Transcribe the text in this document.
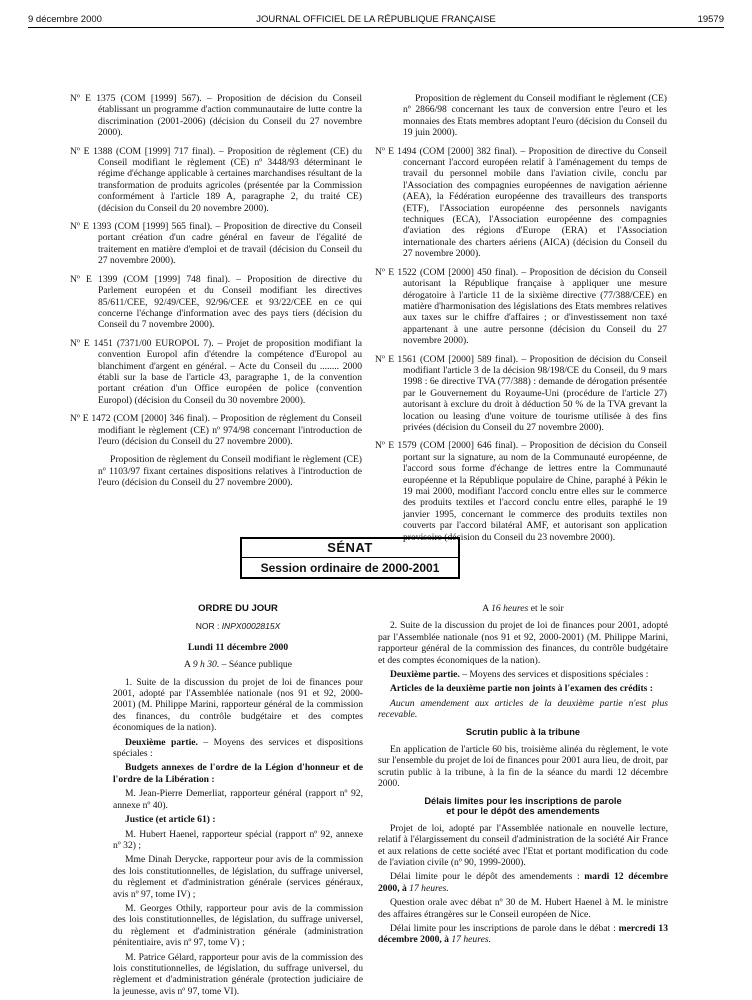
9 décembre 2000	JOURNAL OFFICIEL DE LA RÉPUBLIQUE FRANÇAISE	19579
Nº E 1375 (COM [1999] 567). – Proposition de décision du Conseil établissant un programme d'action communautaire de lutte contre la discrimination (2001-2006) (décision du Conseil du 27 novembre 2000).
Nº E 1388 (COM [1999] 717 final). – Proposition de règlement (CE) du Conseil modifiant le règlement (CE) nº 3448/93 déterminant le régime d'échange applicable à certaines marchandises résultant de la transformation de produits agricoles (présentée par la Commission conformément à l'article 189 A, paragraphe 2, du traité CE) (décision du Conseil du 20 novembre 2000).
Nº E 1393 (COM [1999] 565 final). – Proposition de directive du Conseil portant création d'un cadre général en faveur de l'égalité de traitement en matière d'emploi et de travail (décision du Conseil du 27 novembre 2000).
Nº E 1399 (COM [1999] 748 final). – Proposition de directive du Parlement européen et du Conseil modifiant les directives 85/611/CEE, 92/49/CEE, 92/96/CEE et 93/22/CEE en ce qui concerne l'échange d'information avec des pays tiers (décision du Conseil du 7 novembre 2000).
Nº E 1451 (7371/00 EUROPOL 7). – Projet de proposition modifiant la convention Europol afin d'étendre la compétence d'Europol au blanchiment d'argent en général. – Acte du Conseil du ........ 2000 établi sur la base de l'article 43, paragraphe 1, de la convention portant création d'un Office européen de police (convention Europol) (décision du Conseil du 30 novembre 2000).
Nº E 1472 (COM [2000] 346 final). – Proposition de règlement du Conseil modifiant le règlement (CE) nº 974/98 concernant l'introduction de l'euro (décision du Conseil du 27 novembre 2000).
Proposition de règlement du Conseil modifiant le règlement (CE) nº 1103/97 fixant certaines dispositions relatives à l'introduction de l'euro (décision du Conseil du 27 novembre 2000).
Proposition de règlement du Conseil modifiant le règlement (CE) nº 2866/98 concernant les taux de conversion entre l'euro et les monnaies des Etats membres adoptant l'euro (décision du Conseil du 19 juin 2000).
Nº E 1494 (COM [2000] 382 final). – Proposition de directive du Conseil concernant l'accord européen relatif à l'aménagement du temps de travail du personnel mobile dans l'aviation civile, conclu par l'Association des compagnies européennes de navigation aérienne (AEA), la Fédération européenne des travailleurs des transports (ETF), l'Association européenne des personnels navigants techniques (ECA), l'Association européenne des compagnies d'aviation des régions d'Europe (ERA) et l'Association internationale des charters aériens (AICA) (décision du Conseil du 27 novembre 2000).
Nº E 1522 (COM [2000] 450 final). – Proposition de décision du Conseil autorisant la République française à appliquer une mesure dérogatoire à l'article 11 de la sixième directive (77/388/CEE) en matière d'harmonisation des législations des Etats membres relatives aux taxes sur le chiffre d'affaires ; or d'investissement non taxé appartenant à une autre personne (décision du Conseil du 27 novembre 2000).
Nº E 1561 (COM [2000] 589 final). – Proposition de décision du Conseil modifiant l'article 3 de la décision 98/198/CE du Conseil, du 9 mars 1998 : 6e directive TVA (77/388) : demande de dérogation présentée par le Gouvernement du Royaume-Uni (procédure de l'article 27) autorisant à exclure du droit à déduction 50 % de la TVA grevant la location ou leasing d'une voiture de tourisme utilisée à des fins privées (décision du Conseil du 27 novembre 2000).
Nº E 1579 (COM [2000] 646 final). – Proposition de décision du Conseil portant sur la signature, au nom de la Communauté européenne, de l'accord sous forme d'échange de lettres entre la Communauté européenne et la République populaire de Chine, paraphé à Pékin le 19 mai 2000, modifiant l'accord conclu entre elles sur le commerce des produits textiles et l'accord conclu entre elles, paraphé le 19 janvier 1995, concernant le commerce des produits textiles non couverts par l'accord bilatéral AMF, et autorisant son application provisoire (décision du Conseil du 23 novembre 2000).
SÉNAT
Session ordinaire de 2000-2001
ORDRE DU JOUR
NOR : INPX0002815X
Lundi 11 décembre 2000
A 9 h 30. – Séance publique

1. Suite de la discussion du projet de loi de finances pour 2001, adopté par l'Assemblée nationale (nos 91 et 92, 2000-2001) (M. Philippe Marini, rapporteur général de la commission des finances, du contrôle budgétaire et des comptes économiques de la nation).

Deuxième partie. – Moyens des services et dispositions spéciales :

Budgets annexes de l'ordre de la Légion d'honneur et de l'ordre de la Libération :

M. Jean-Pierre Demerliat, rapporteur général (rapport nº 92, annexe nº 40).

Justice (et article 61) :

M. Hubert Haenel, rapporteur spécial (rapport nº 92, annexe nº 32) ;

Mme Dinah Derycke, rapporteur pour avis de la commission des lois constitutionnelles, de législation, du suffrage universel, du règlement et d'administration générale (services généraux, avis nº 97, tome IV) ;

M. Georges Othily, rapporteur pour avis de la commission des lois constitutionnelles, de législation, du suffrage universel, du règlement et d'administration générale (administration pénitentiaire, avis nº 97, tome V) ;

M. Patrice Gélard, rapporteur pour avis de la commission des lois constitutionnelles, de législation, du suffrage universel, du règlement et d'administration générale (protection judiciaire de la jeunesse, avis nº 97, tome VI).

A 16 heures et le soir

2. Suite de la discussion du projet de loi de finances pour 2001, adopté par l'Assemblée nationale (nos 91 et 92, 2000-2001) (M. Philippe Marini, rapporteur général de la commission des finances, du contrôle budgétaire et des comptes économiques de la nation).

Deuxième partie. – Moyens des services et dispositions spéciales :

Articles de la deuxième partie non joints à l'examen des crédits :

Aucun amendement aux articles de la deuxième partie n'est plus recevable.

Scrutin public à la tribune

En application de l'article 60 bis, troisième alinéa du règlement, le vote sur l'ensemble du projet de loi de finances pour 2001 aura lieu, de droit, par scrutin public à la tribune, à la fin de la séance du mardi 12 décembre 2000.

Délais limites pour les inscriptions de parole
et pour le dépôt des amendements

Projet de loi, adopté par l'Assemblée nationale en nouvelle lecture, relatif à l'élargissement du conseil d'administration de la société Air France et aux relations de cette société avec l'Etat et portant modification du code de l'aviation civile (nº 90, 1999-2000).

Délai limite pour le dépôt des amendements : mardi 12 décembre 2000, à 17 heures.

Question orale avec débat nº 30 de M. Hubert Haenel à M. le ministre des affaires étrangères sur le Conseil européen de Nice.

Délai limite pour les inscriptions de parole dans le débat : mercredi 13 décembre 2000, à 17 heures.
